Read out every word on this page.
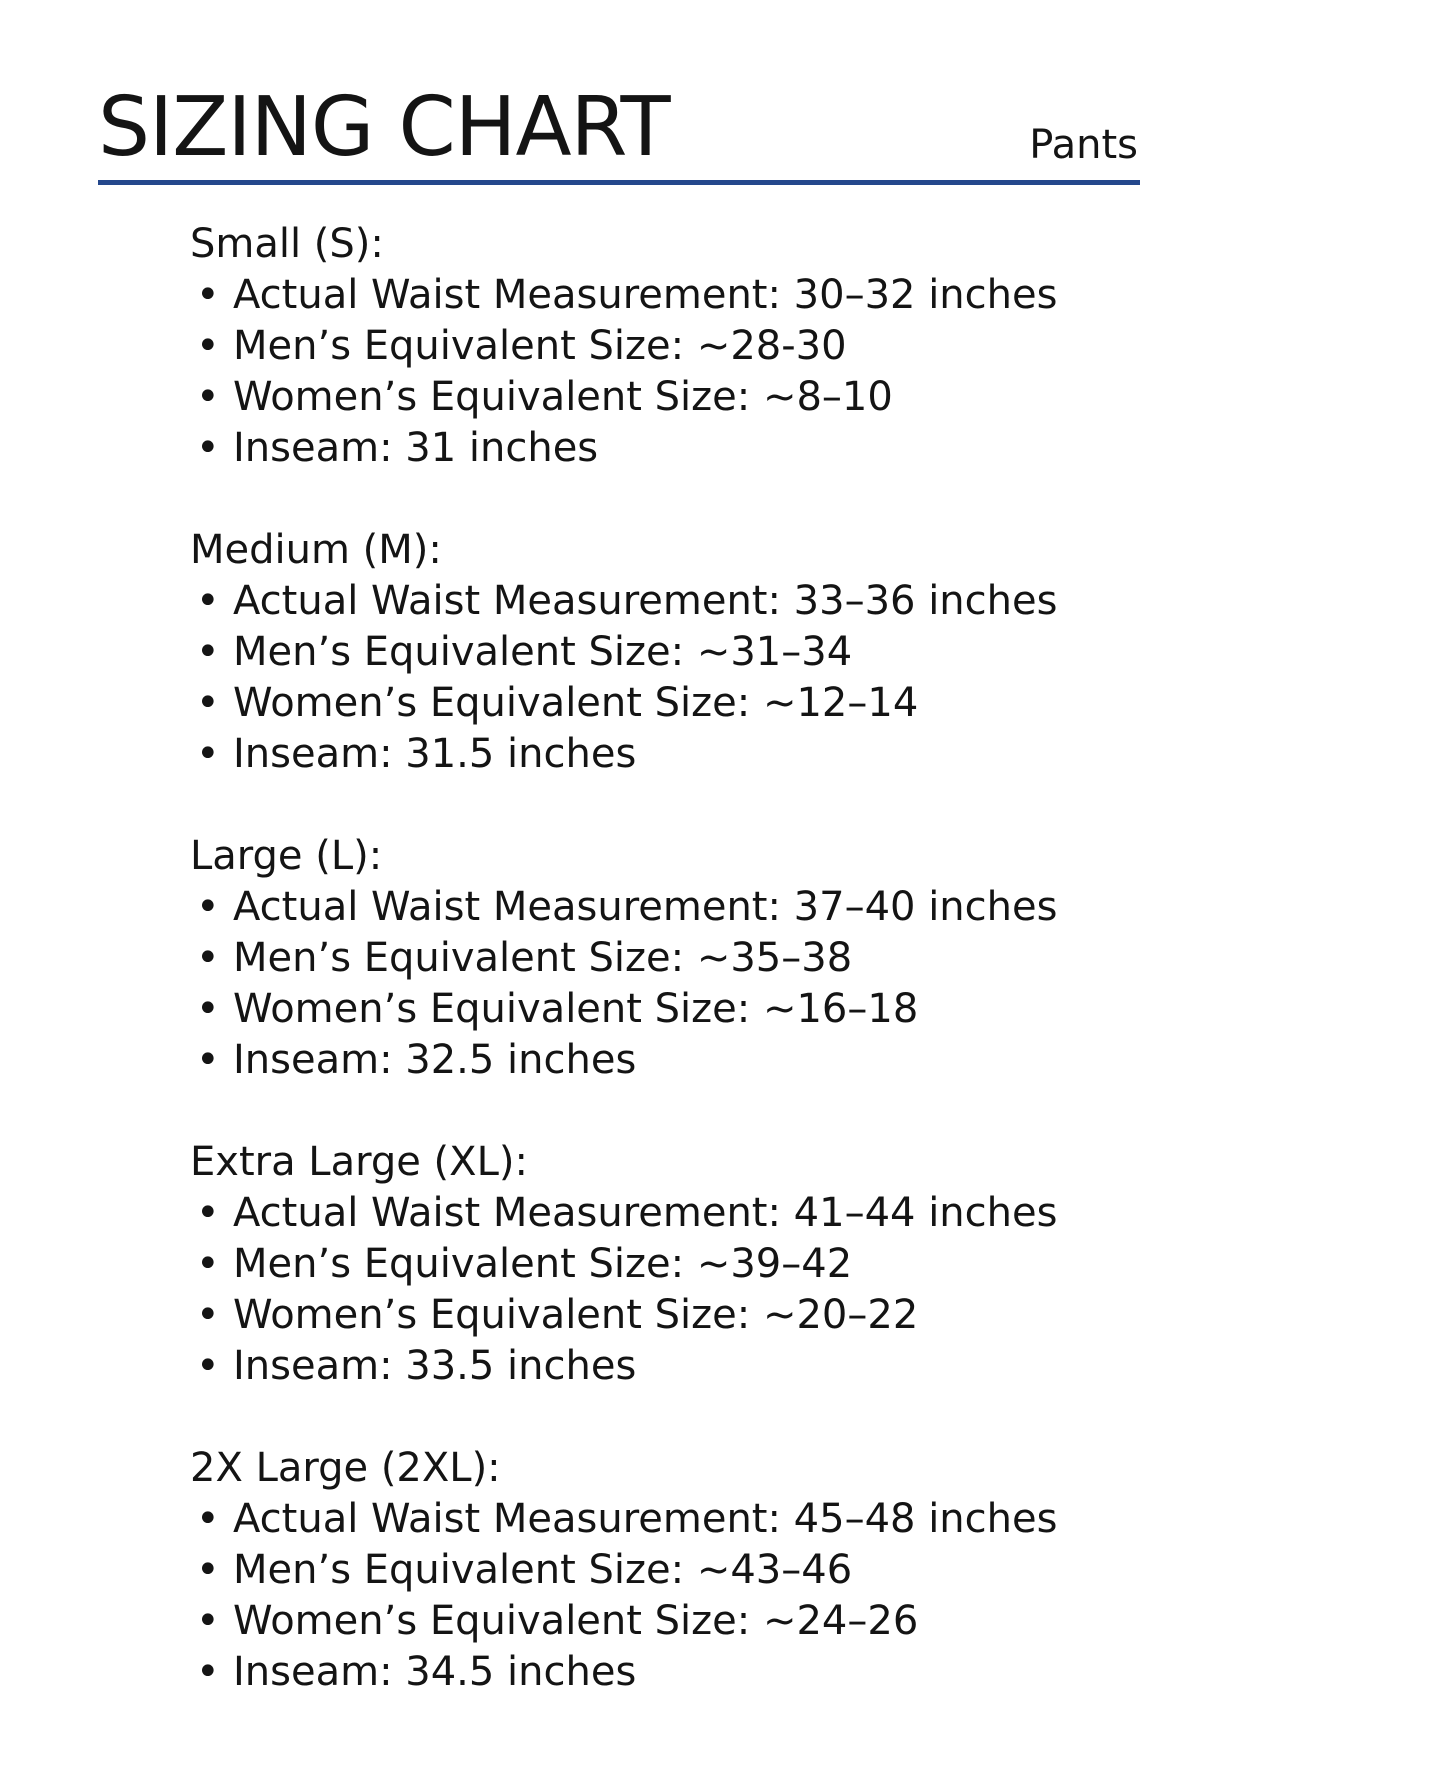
SIZING CHART	Pants
Small (S):
• Actual Waist Measurement: 30–32 inches
• Men’s Equivalent Size: ~28-30
• Women’s Equivalent Size: ~8–10
• Inseam: 31 inches
Medium (M):
• Actual Waist Measurement: 33–36 inches
• Men’s Equivalent Size: ~31–34
• Women’s Equivalent Size: ~12–14
• Inseam: 31.5 inches
Large (L):
• Actual Waist Measurement: 37–40 inches
• Men’s Equivalent Size: ~35–38
• Women’s Equivalent Size: ~16–18
• Inseam: 32.5 inches
Extra Large (XL):
• Actual Waist Measurement: 41–44 inches
• Men’s Equivalent Size: ~39–42
• Women’s Equivalent Size: ~20–22
• Inseam: 33.5 inches
2X Large (2XL):
• Actual Waist Measurement: 45–48 inches
• Men’s Equivalent Size: ~43–46
• Women’s Equivalent Size: ~24–26
• Inseam: 34.5 inches
